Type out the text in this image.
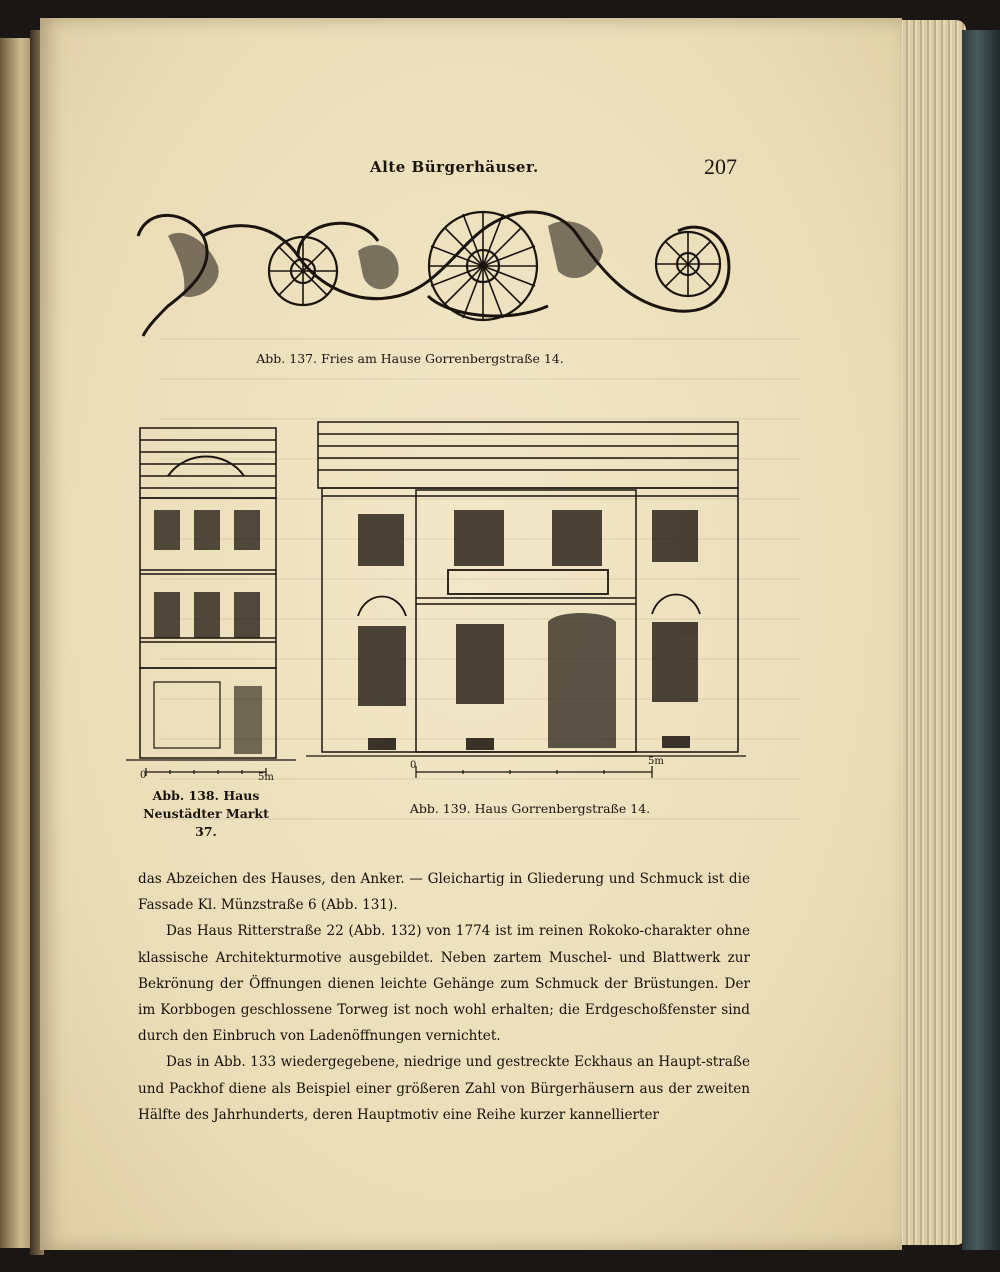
Alte Bürgerhäuser.	207
Abb. 137. Fries am Hause Gorrenbergstraße 14.
0	5m
Abb. 138. Haus
Neustädter Markt 37.
0	5m
Abb. 139. Haus Gorrenbergstraße 14.

das Abzeichen des Hauses, den Anker. — Gleichartig in Gliederung und Schmuck ist die Fassade Kl. Münzstraße 6 (Abb. 131).

Das Haus Ritterstraße 22 (Abb. 132) von 1774 ist im reinen Rokoko-charakter ohne klassische Architekturmotive ausgebildet. Neben zartem Muschel- und Blattwerk zur Bekrönung der Öffnungen dienen leichte Gehänge zum Schmuck der Brüstungen. Der im Korbbogen geschlossene Torweg ist noch wohl erhalten; die Erdgeschoßfenster sind durch den Einbruch von Ladenöffnungen vernichtet.

Das in Abb. 133 wiedergegebene, niedrige und gestreckte Eckhaus an Haupt-straße und Packhof diene als Beispiel einer größeren Zahl von Bürgerhäusern aus der zweiten Hälfte des Jahrhunderts, deren Hauptmotiv eine Reihe kurzer kannellierter
